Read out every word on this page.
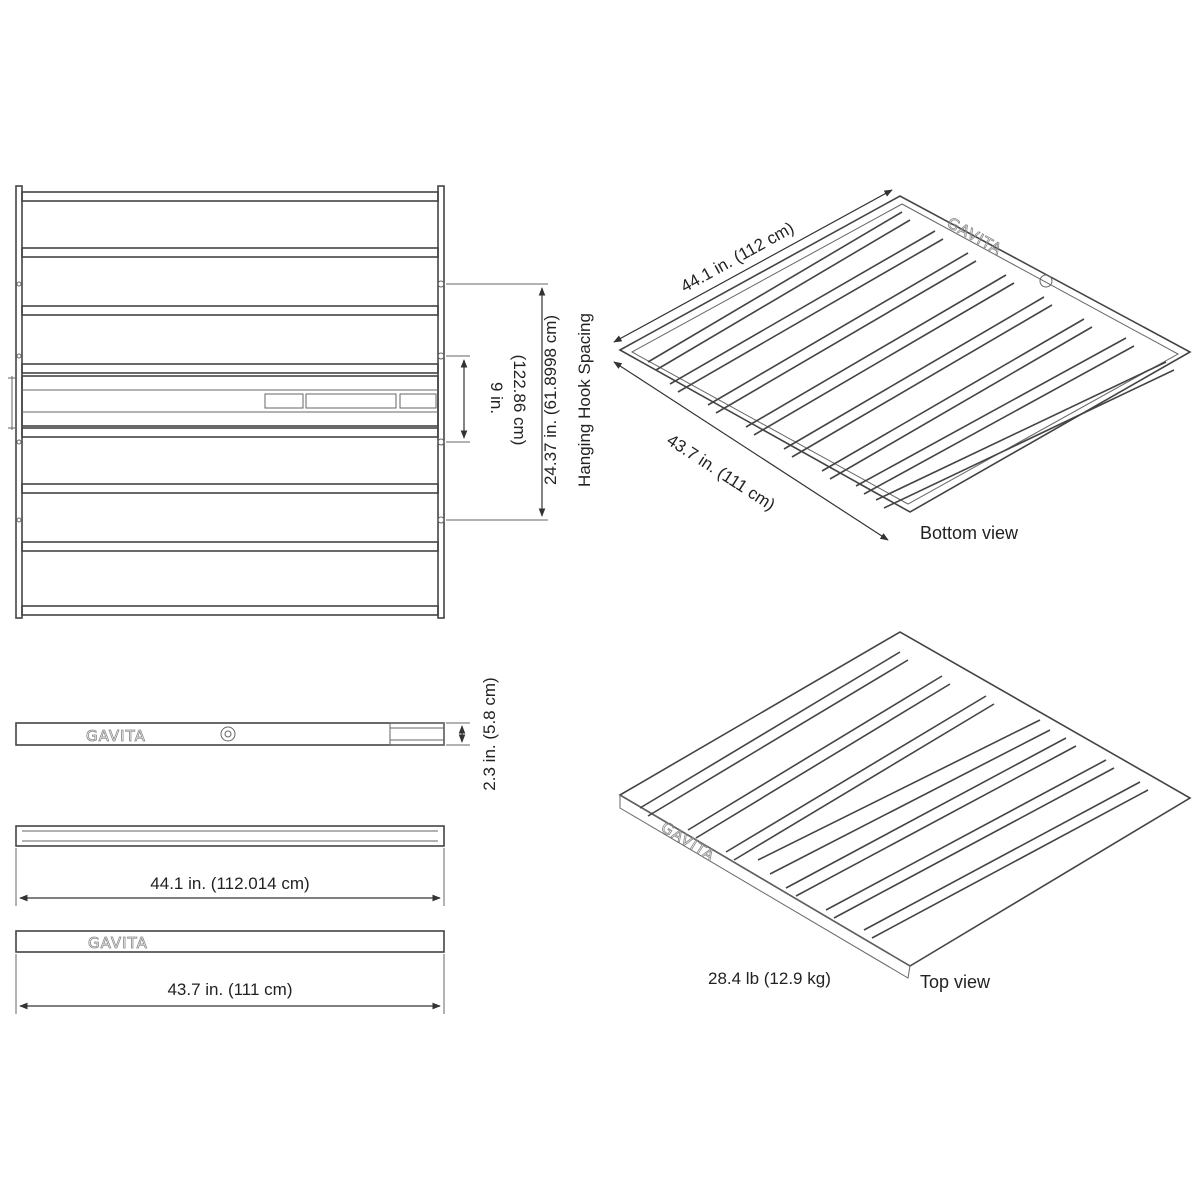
9 in. (122.86 cm) 24.37 in. (61.8998 cm) Hanging Hook Spacing
GAVITA	2.3 in. (5.8 cm)
44.1 in. (112.014 cm)
GAVITA
43.7 in. (111 cm)
GAVITA
44.1 in. (112 cm)
43.7 in. (111 cm)
Bottom view
GAVITA
28.4 lb (12.9 kg)	Top view
